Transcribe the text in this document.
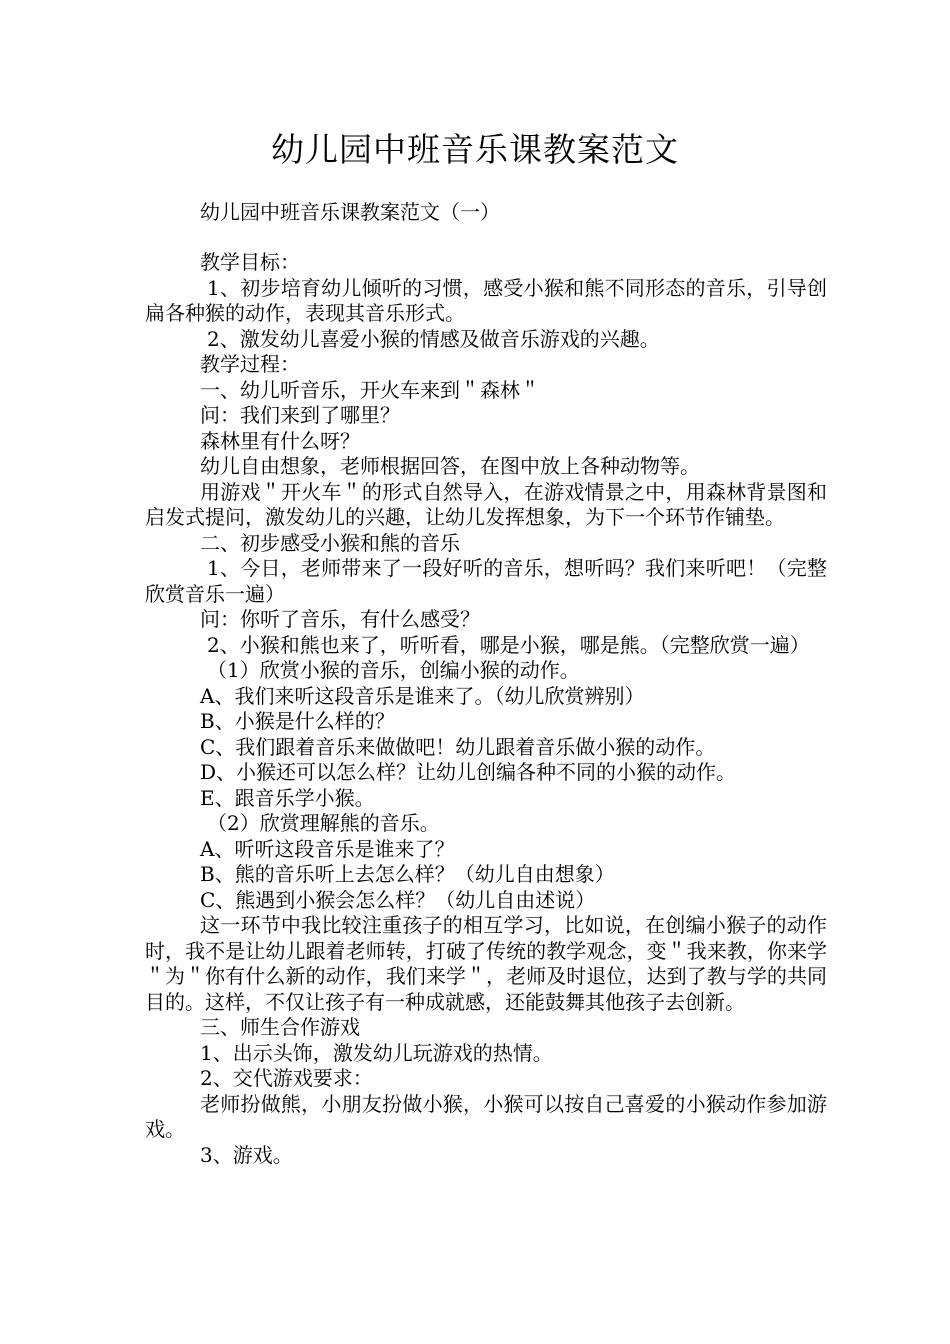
幼儿园中班音乐课教案范文
幼儿园中班音乐课教案范文（一）

教学目标：

1、初步培育幼儿倾听的习惯，感受小猴和熊不同形态的音乐，引导创扁各种猴的动作，表现其音乐形式。

2、激发幼儿喜爱小猴的情感及做音乐游戏的兴趣。

教学过程：

一、幼儿听音乐，开火车来到＂森林＂

问：我们来到了哪里？

森林里有什么呀？

幼儿自由想象，老师根据回答，在图中放上各种动物等。

用游戏＂开火车＂的形式自然导入，在游戏情景之中，用森林背景图和启发式提问，激发幼儿的兴趣，让幼儿发挥想象，为下一个环节作铺垫。

二、初步感受小猴和熊的音乐

1、今日，老师带来了一段好听的音乐，想听吗？我们来听吧！（完整欣赏音乐一遍）

问：你听了音乐，有什么感受？

2、小猴和熊也来了，听听看，哪是小猴，哪是熊。（完整欣赏一遍）

（1）欣赏小猴的音乐，创编小猴的动作。

A、我们来听这段音乐是谁来了。（幼儿欣赏辨别）

B、小猴是什么样的？

C、我们跟着音乐来做做吧！幼儿跟着音乐做小猴的动作。

D、小猴还可以怎么样？让幼儿创编各种不同的小猴的动作。

E、跟音乐学小猴。

（2）欣赏理解熊的音乐。

A、听听这段音乐是谁来了？

B、熊的音乐听上去怎么样？（幼儿自由想象）

C、熊遇到小猴会怎么样？（幼儿自由述说）

这一环节中我比较注重孩子的相互学习，比如说，在创编小猴子的动作时，我不是让幼儿跟着老师转，打破了传统的教学观念，变＂我来教，你来学＂为＂你有什么新的动作，我们来学＂，老师及时退位，达到了教与学的共同目的。这样，不仅让孩子有一种成就感，还能鼓舞其他孩子去创新。

三、师生合作游戏

1、出示头饰，激发幼儿玩游戏的热情。

2、交代游戏要求：

老师扮做熊，小朋友扮做小猴，小猴可以按自己喜爱的小猴动作参加游戏。

3、游戏。
